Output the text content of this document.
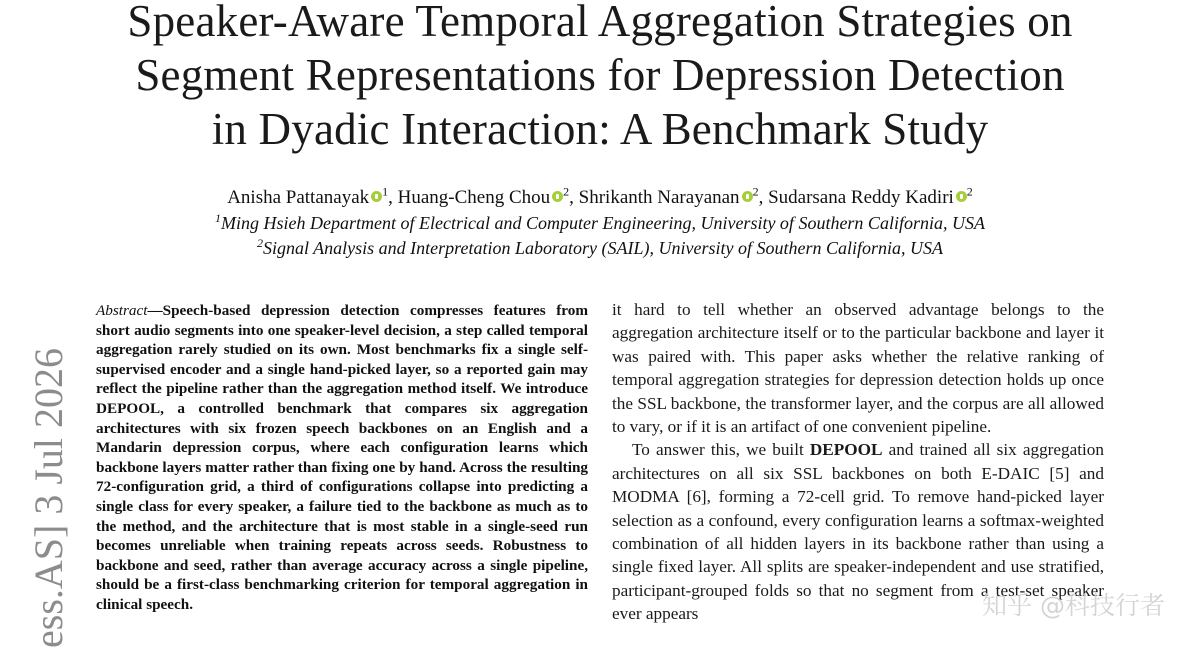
Speaker-Aware Temporal Aggregation Strategies on
Segment Representations for Depression Detection
in Dyadic Interaction: A Benchmark Study
Anisha Pattanayak $^1$, Huang-Cheng Chou $^2$, Shrikanth Narayanan $^2$, Sudarsana Reddy Kadiri $^2$
$^1$Ming Hsieh Department of Electrical and Computer Engineering, University of Southern California, USA
$^2$Signal Analysis and Interpretation Laboratory (SAIL), University of Southern California, USA
ess.AS] 3 Jul 2026
Abstract—Speech-based depression detection compresses features from short audio segments into one speaker-level decision, a step called temporal aggregation rarely studied on its own. Most benchmarks fix a single self-supervised encoder and a single hand-picked layer, so a reported gain may reflect the pipeline rather than the aggregation method itself. We introduce DEPOOL, a controlled benchmark that compares six aggregation architectures with six frozen speech backbones on an English and a Mandarin depression corpus, where each configuration learns which backbone layers matter rather than fixing one by hand. Across the resulting 72-configuration grid, a third of configurations collapse into predicting a single class for every speaker, a failure tied to the backbone as much as to the method, and the architecture that is most stable in a single-seed run becomes unreliable when training repeats across seeds. Robustness to backbone and seed, rather than average accuracy across a single pipeline, should be a first-class benchmarking criterion for temporal aggregation in clinical speech.

it hard to tell whether an observed advantage belongs to the aggregation architecture itself or to the particular backbone and layer it was paired with. This paper asks whether the relative ranking of temporal aggregation strategies for depression detection holds up once the SSL backbone, the transformer layer, and the corpus are all allowed to vary, or if it is an artifact of one convenient pipeline.

To answer this, we built DEPOOL and trained all six aggregation architectures on all six SSL backbones on both E-DAIC [5] and MODMA [6], forming a 72-cell grid. To remove hand-picked layer selection as a confound, every configuration learns a softmax-weighted combination of all hidden layers in its backbone rather than using a single fixed layer. All splits are speaker-independent and use stratified, participant-grouped folds so that no segment from a test-set speaker ever appears	知乎 @科技行者
